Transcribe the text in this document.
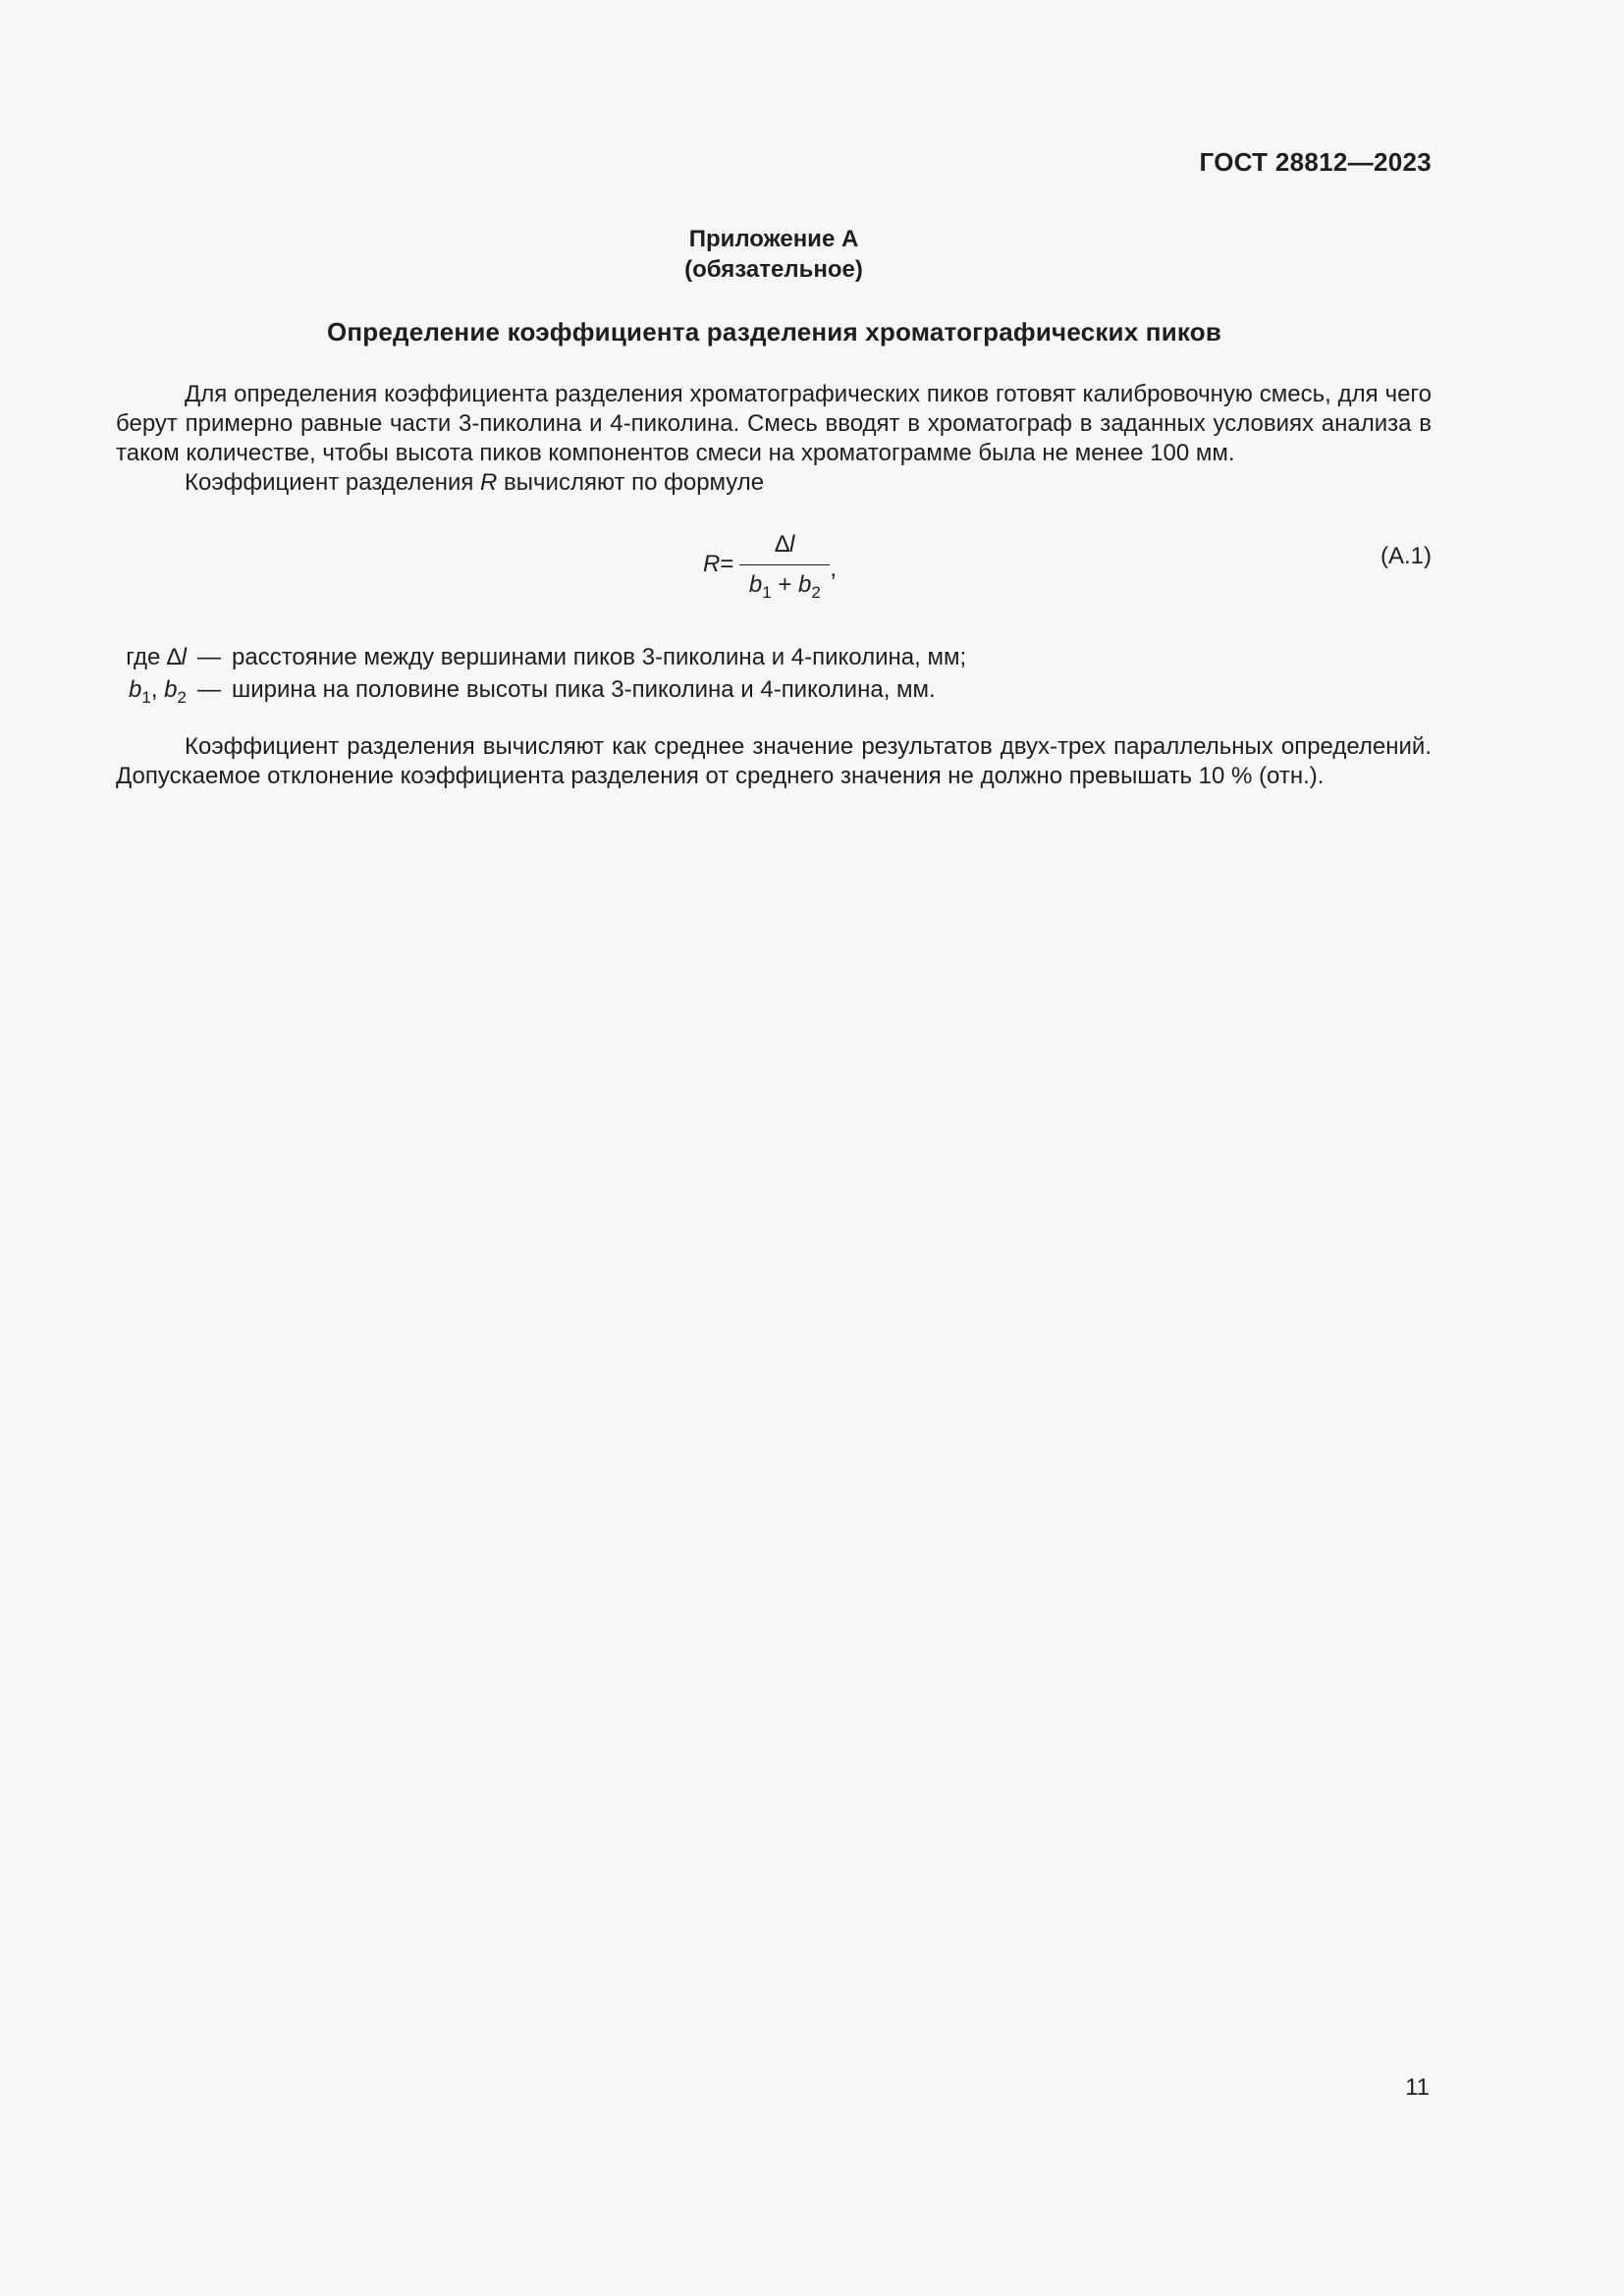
ГОСТ 28812—2023
Приложение А
(обязательное)
Определение коэффициента разделения хроматографических пиков

Для определения коэффициента разделения хроматографических пиков готовят калибровочную смесь, для чего берут примерно равные части 3-пиколина и 4-пиколина. Смесь вводят в хроматограф в заданных условиях анализа в таком количестве, чтобы высота пиков компонентов смеси на хроматограмме была не менее 100 мм.

Коэффициент разделения R вычисляют по формуле

$R = \frac{\Delta l}{b_1 + b_2}$ ,	(А.1)
где ∆l — расстояние между вершинами пиков 3-пиколина и 4-пиколина, мм;
$b_1$, $b_2$ — ширина на половине высоты пика 3-пиколина и 4-пиколина, мм.

Коэффициент разделения вычисляют как среднее значение результатов двух-трех параллельных определений. Допускаемое отклонение коэффициента разделения от среднего значения не должно превышать 10 % (отн.).

11
